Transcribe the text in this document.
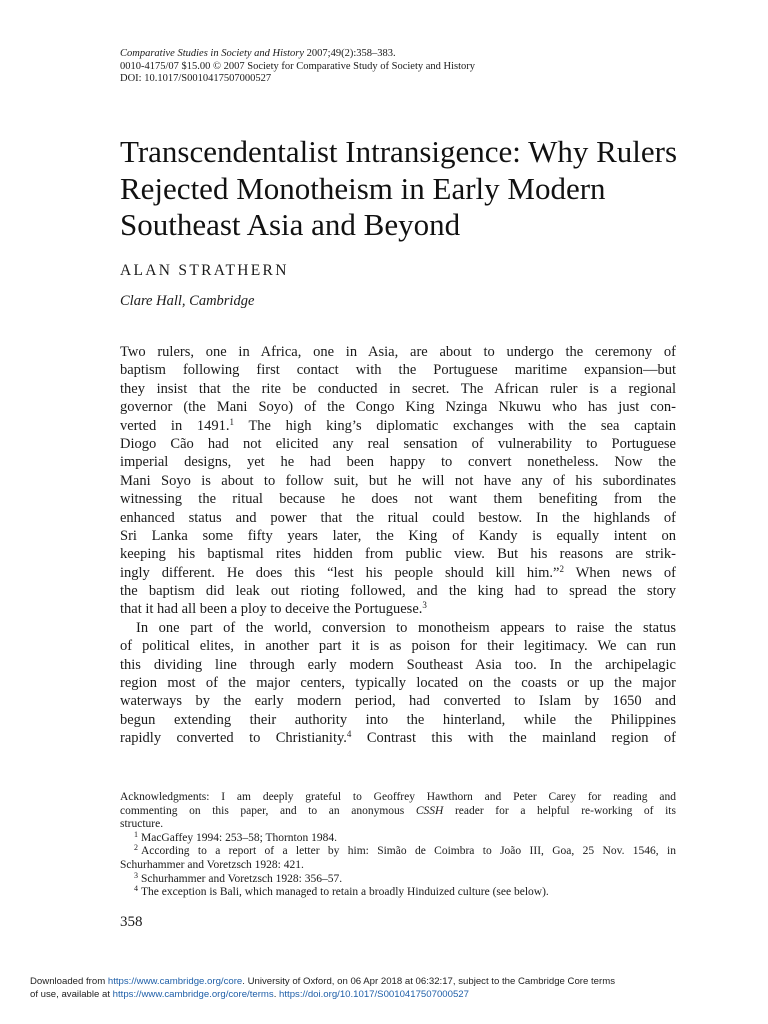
Comparative Studies in Society and History 2007;49(2):358–383.
0010-4175/07 $15.00 © 2007 Society for Comparative Study of Society and History
DOI: 10.1017/S0010417507000527
Transcendentalist Intransigence: Why Rulers Rejected Monotheism in Early Modern Southeast Asia and Beyond
ALAN STRATHERN
Clare Hall, Cambridge
Two rulers, one in Africa, one in Asia, are about to undergo the ceremony of
baptism following first contact with the Portuguese maritime expansion—but
they insist that the rite be conducted in secret. The African ruler is a regional
governor (the Mani Soyo) of the Congo King Nzinga Nkuwu who has just con-
verted in 1491.$^1$ The high king’s diplomatic exchanges with the sea captain
Diogo Cão had not elicited any real sensation of vulnerability to Portuguese
imperial designs, yet he had been happy to convert nonetheless. Now the
Mani Soyo is about to follow suit, but he will not have any of his subordinates
witnessing the ritual because he does not want them benefiting from the
enhanced status and power that the ritual could bestow. In the highlands of
Sri Lanka some fifty years later, the King of Kandy is equally intent on
keeping his baptismal rites hidden from public view. But his reasons are strik-
ingly different. He does this “lest his people should kill him.”$^2$ When news of
the baptism did leak out rioting followed, and the king had to spread the story
that it had all been a ploy to deceive the Portuguese.$^3$
In one part of the world, conversion to monotheism appears to raise the status
of political elites, in another part it is as poison for their legitimacy. We can run
this dividing line through early modern Southeast Asia too. In the archipelagic
region most of the major centers, typically located on the coasts or up the major
waterways by the early modern period, had converted to Islam by 1650 and
begun extending their authority into the hinterland, while the Philippines
rapidly converted to Christianity.$^4$ Contrast this with the mainland region of
Acknowledgments: I am deeply grateful to Geoffrey Hawthorn and Peter Carey for reading and
commenting on this paper, and to an anonymous CSSH reader for a helpful re-working of its
structure.
$^1$ MacGaffey 1994: 253–58; Thornton 1984.
$^2$ According to a report of a letter by him: Simão de Coimbra to João III, Goa, 25 Nov. 1546, in
Schurhammer and Voretzsch 1928: 421.
$^3$ Schurhammer and Voretzsch 1928: 356–57.
$^4$ The exception is Bali, which managed to retain a broadly Hinduized culture (see below).
358
Downloaded from https://www.cambridge.org/core. University of Oxford, on 06 Apr 2018 at 06:32:17, subject to the Cambridge Core terms
of use, available at https://www.cambridge.org/core/terms. https://doi.org/10.1017/S0010417507000527
